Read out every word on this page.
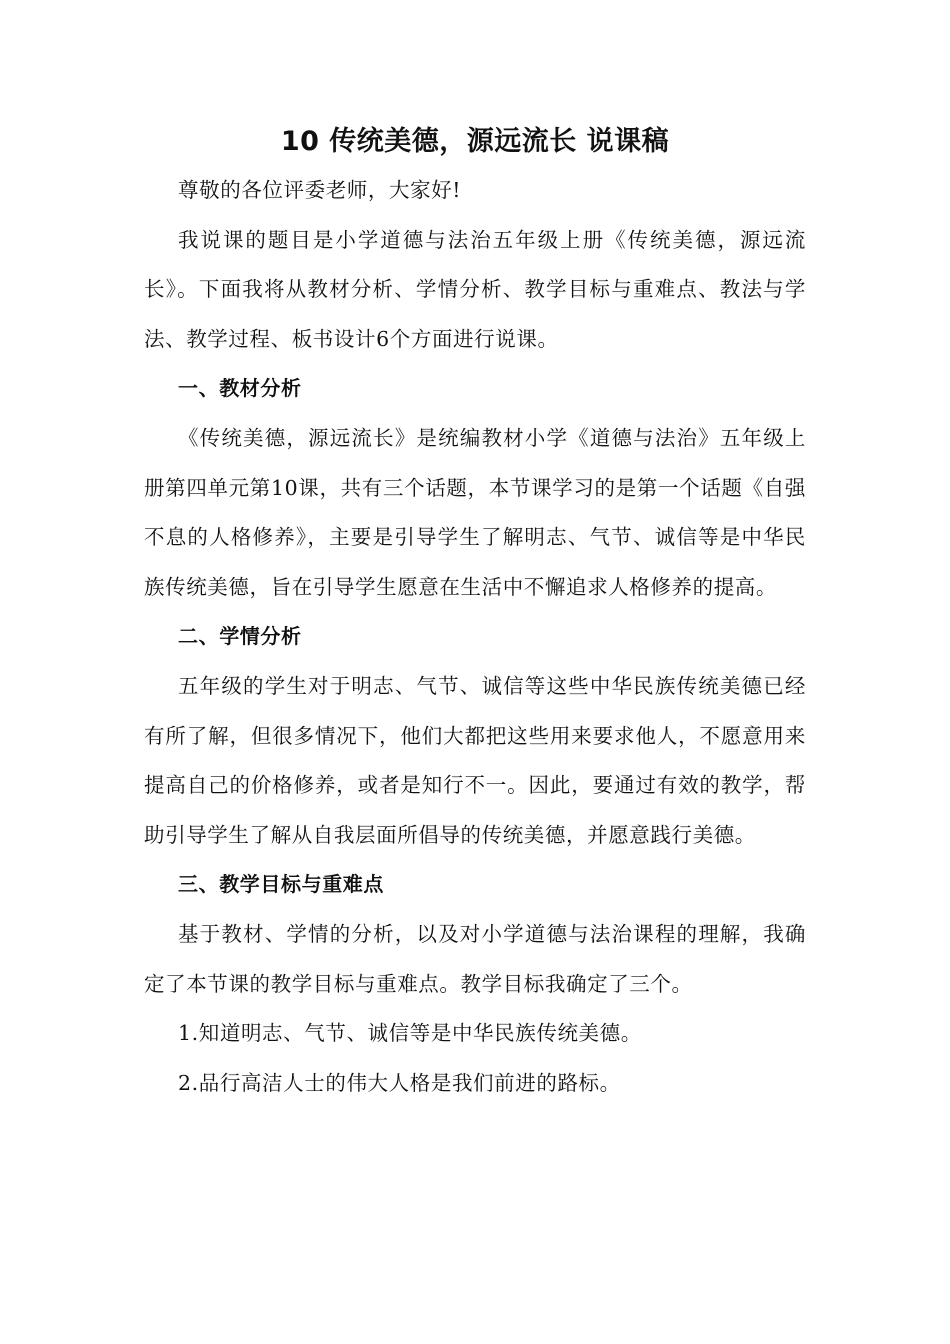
10 传统美德，源远流长 说课稿

尊敬的各位评委老师，大家好!

我说课的题目是小学道德与法治五年级上册《传统美德，源远流长》。下面我将从教材分析、学情分析、教学目标与重难点、教法与学法、教学过程、板书设计6个方面进行说课。

一、教材分析

《传统美德，源远流长》是统编教材小学《道德与法治》五年级上册第四单元第10课，共有三个话题，本节课学习的是第一个话题《自强不息的人格修养》，主要是引导学生了解明志、气节、诚信等是中华民族传统美德，旨在引导学生愿意在生活中不懈追求人格修养的提高。

二、学情分析

五年级的学生对于明志、气节、诚信等这些中华民族传统美德已经有所了解，但很多情况下，他们大都把这些用来要求他人，不愿意用来提高自己的价格修养，或者是知行不一。因此，要通过有效的教学，帮助引导学生了解从自我层面所倡导的传统美德，并愿意践行美德。

三、教学目标与重难点

基于教材、学情的分析，以及对小学道德与法治课程的理解，我确定了本节课的教学目标与重难点。教学目标我确定了三个。

1.知道明志、气节、诚信等是中华民族传统美德。

2.品行高洁人士的伟大人格是我们前进的路标。
